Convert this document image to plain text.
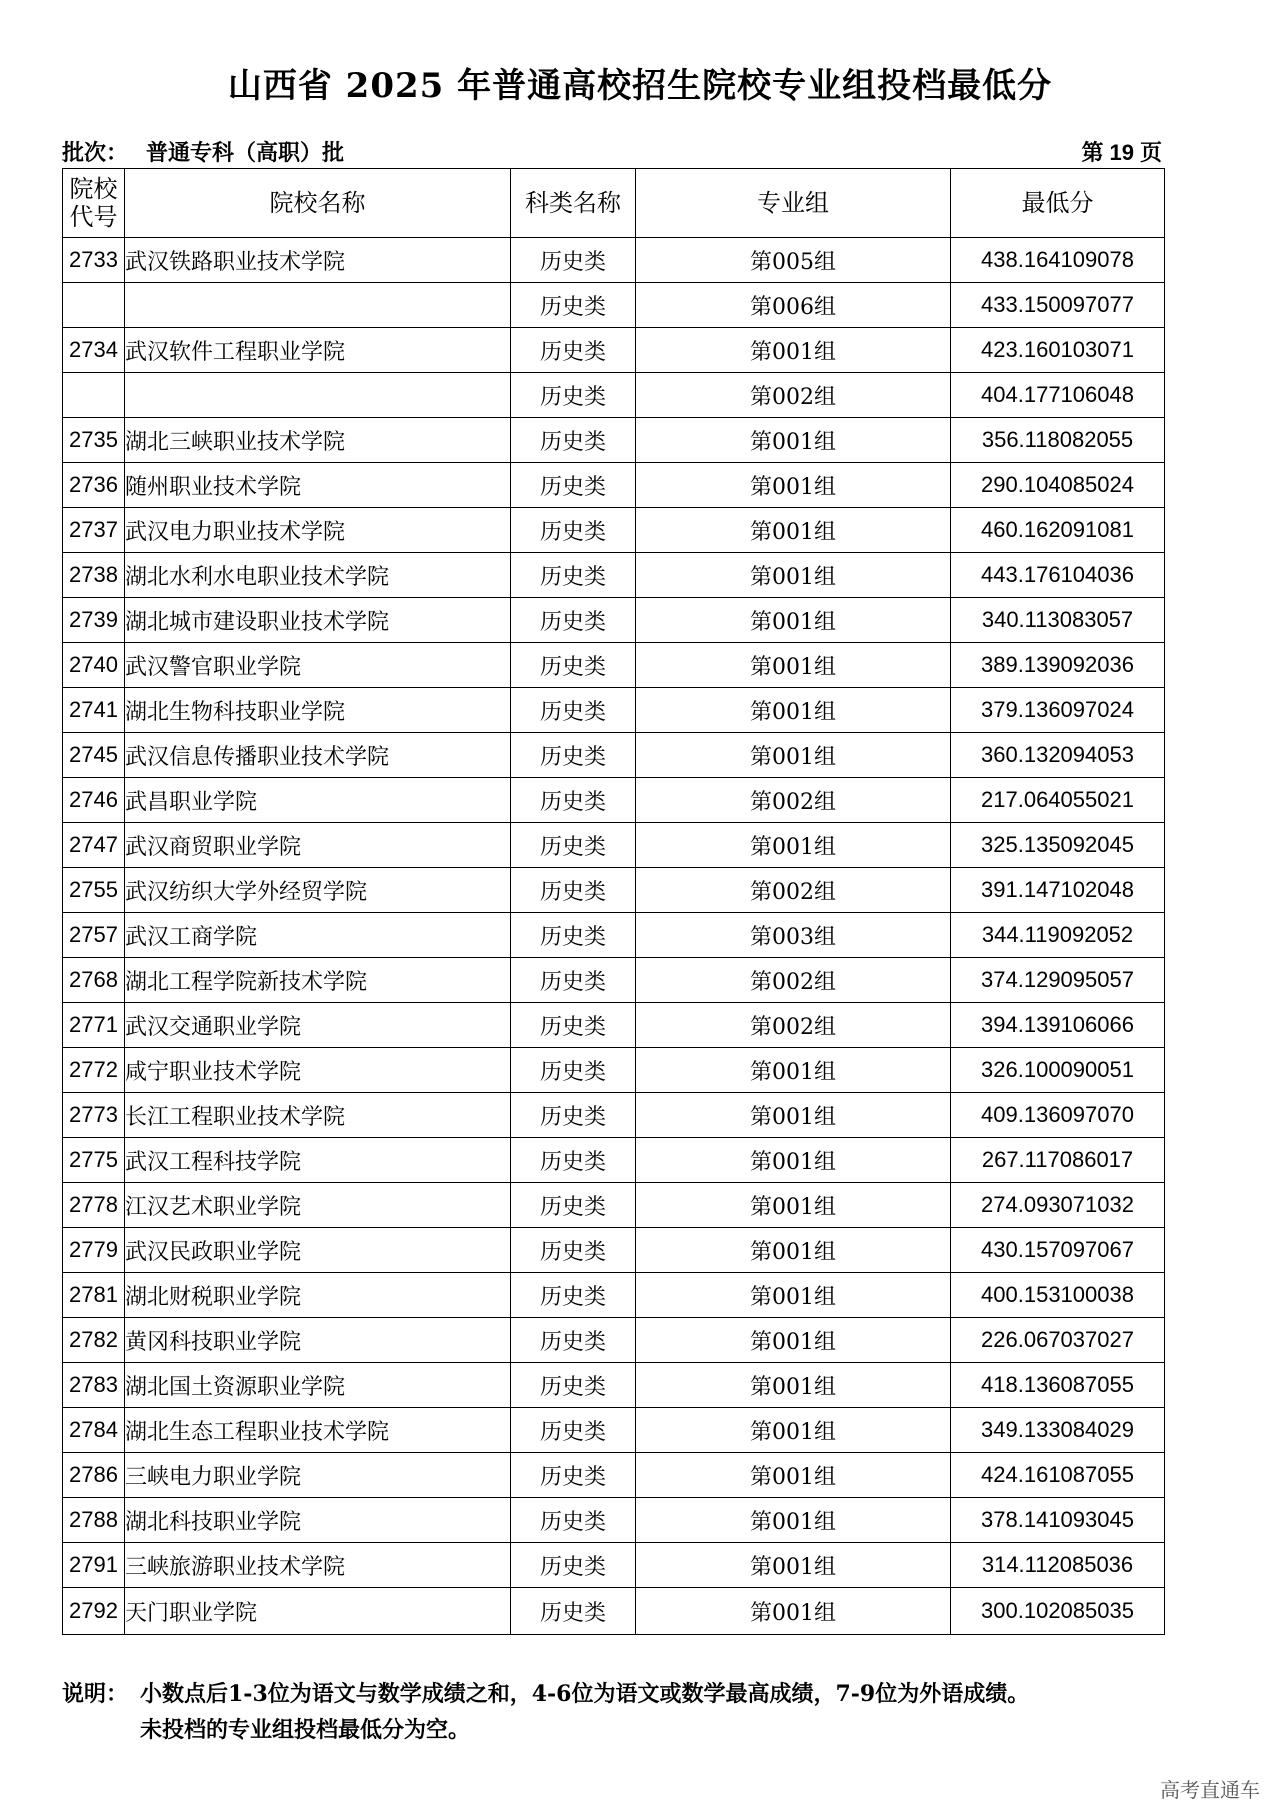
山西省 2025 年普通高校招生院校专业组投档最低分
批次： 普通专科（高职）批	第 19 页
院校代号	院校名称	科类名称	专业组	最低分
2733	武汉铁路职业技术学院	历史类	第005组	438.164109078
		历史类	第006组	433.150097077
2734	武汉软件工程职业学院	历史类	第001组	423.160103071
		历史类	第002组	404.177106048
2735	湖北三峡职业技术学院	历史类	第001组	356.118082055
2736	随州职业技术学院	历史类	第001组	290.104085024
2737	武汉电力职业技术学院	历史类	第001组	460.162091081
2738	湖北水利水电职业技术学院	历史类	第001组	443.176104036
2739	湖北城市建设职业技术学院	历史类	第001组	340.113083057
2740	武汉警官职业学院	历史类	第001组	389.139092036
2741	湖北生物科技职业学院	历史类	第001组	379.136097024
2745	武汉信息传播职业技术学院	历史类	第001组	360.132094053
2746	武昌职业学院	历史类	第002组	217.064055021
2747	武汉商贸职业学院	历史类	第001组	325.135092045
2755	武汉纺织大学外经贸学院	历史类	第002组	391.147102048
2757	武汉工商学院	历史类	第003组	344.119092052
2768	湖北工程学院新技术学院	历史类	第002组	374.129095057
2771	武汉交通职业学院	历史类	第002组	394.139106066
2772	咸宁职业技术学院	历史类	第001组	326.100090051
2773	长江工程职业技术学院	历史类	第001组	409.136097070
2775	武汉工程科技学院	历史类	第001组	267.117086017
2778	江汉艺术职业学院	历史类	第001组	274.093071032
2779	武汉民政职业学院	历史类	第001组	430.157097067
2781	湖北财税职业学院	历史类	第001组	400.153100038
2782	黄冈科技职业学院	历史类	第001组	226.067037027
2783	湖北国土资源职业学院	历史类	第001组	418.136087055
2784	湖北生态工程职业技术学院	历史类	第001组	349.133084029
2786	三峡电力职业学院	历史类	第001组	424.161087055
2788	湖北科技职业学院	历史类	第001组	378.141093045
2791	三峡旅游职业技术学院	历史类	第001组	314.112085036
2792	天门职业学院	历史类	第001组	300.102085035
说明： 小数点后1-3位为语文与数学成绩之和，4-6位为语文或数学最高成绩，7-9位为外语成绩。
未投档的专业组投档最低分为空。
高考直通车
